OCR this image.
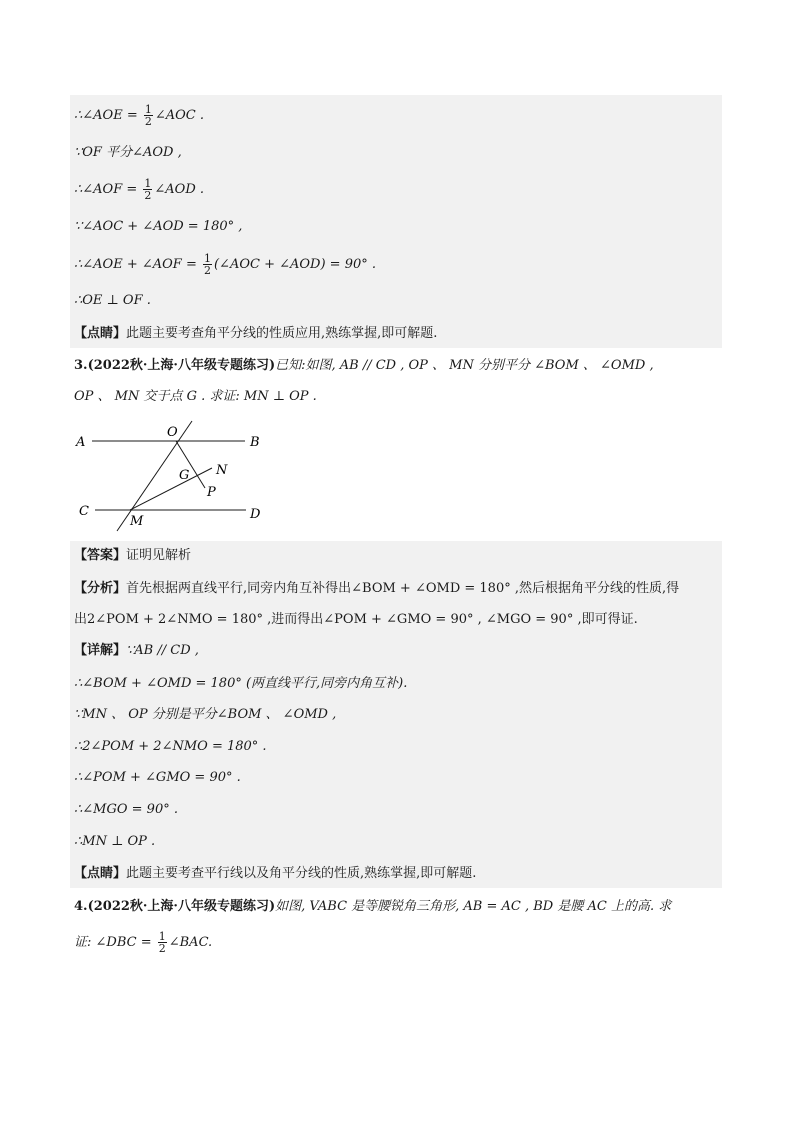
∴∠AOE = $\frac{1}{2}$ ∠AOC .
∵OF 平分∠AOD ,
∴∠AOF = $\frac{1}{2}$ ∠AOD .
∵∠AOC + ∠AOD = 180° ,
∴∠AOE + ∠AOF = $\frac{1}{2}$ (∠AOC + ∠AOD) = 90° .
∴OE ⊥ OF .
【点睛】此题主要考查角平分线的性质应用,熟练掌握,即可解题.
3.(2022秋·上海·八年级专题练习)已知:如图, AB // CD , OP 、 MN 分别平分 ∠BOM 、 ∠OMD ,
OP 、 MN 交于点 G . 求证: MN ⊥ OP .
A
O
B
G N
P
C
M	D
【答案】证明见解析
【分析】首先根据两直线平行,同旁内角互补得出∠BOM + ∠OMD = 180° ,然后根据角平分线的性质,得
出2∠POM + 2∠NMO = 180° ,进而得出∠POM + ∠GMO = 90° , ∠MGO = 90° ,即可得证.
【详解】∵AB // CD ,
∴∠BOM + ∠OMD = 180° (两直线平行,同旁内角互补).
∵MN 、 OP 分别是平分∠BOM 、 ∠OMD ,
∴2∠POM + 2∠NMO = 180° .
∴∠POM + ∠GMO = 90° .
∴∠MGO = 90° .
∴MN ⊥ OP .
【点睛】此题主要考查平行线以及角平分线的性质,熟练掌握,即可解题.
4.(2022秋·上海·八年级专题练习)如图, VABC 是等腰锐角三角形, AB = AC , BD 是腰 AC 上的高. 求
证: ∠DBC = $\frac{1}{2}$ ∠BAC.
